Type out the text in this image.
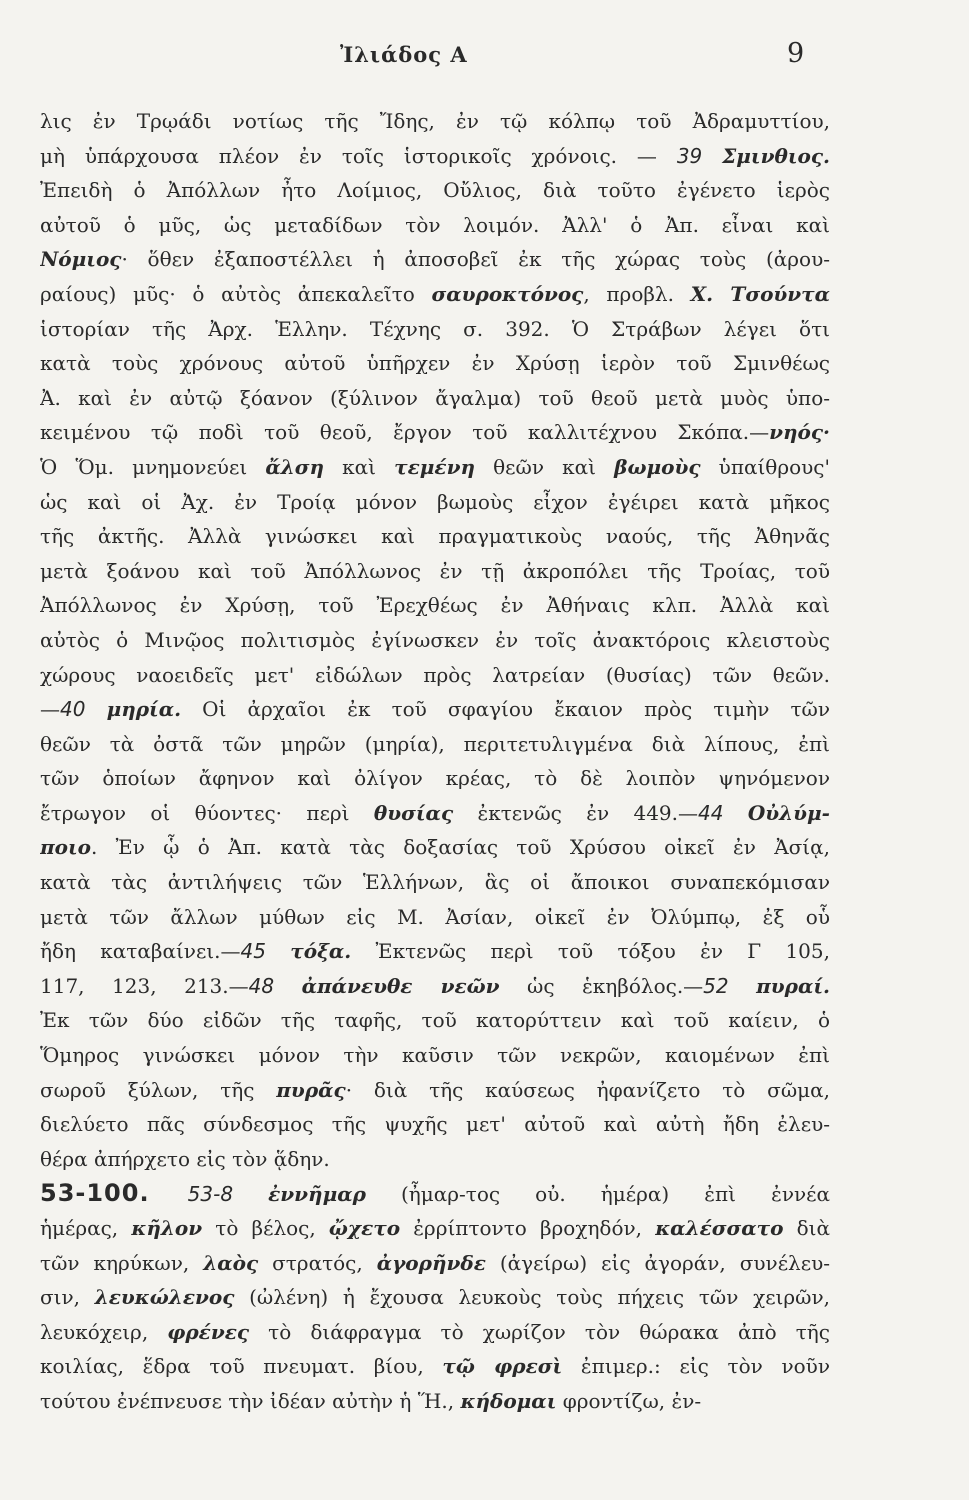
Ἰλιάδος Α	9
λις ἐν Τρῳάδι νοτίως τῆς Ἴδης, ἐν τῷ κόλπῳ τοῦ Ἀδραμυττίου,
μὴ ὑπάρχουσα πλέον ἐν τοῖς ἱστορικοῖς χρόνοις. — 39 Σμινθιος.
Ἐπειδὴ ὁ Ἀπόλλων ἦτο Λοίμιος, Οὔλιος, διὰ τοῦτο ἐγένετο ἱερὸς
αὐτοῦ ὁ μῦς, ὡς μεταδίδων τὸν λοιμόν. Ἀλλ' ὁ Ἀπ. εἶναι καὶ
Νόμιος· ὅθεν ἐξαποστέλλει ἡ ἀποσοβεῖ ἐκ τῆς χώρας τοὺς (ἀρου-
ραίους) μῦς· ὁ αὐτὸς ἀπεκαλεῖτο σαυροκτόνος, προβλ. Χ. Τσούντα
ἱστορίαν τῆς Ἀρχ. Ἑλλην. Τέχνης σ. 392. Ὁ Στράβων λέγει ὅτι
κατὰ τοὺς χρόνους αὐτοῦ ὑπῆρχεν ἐν Χρύσῃ ἱερὸν τοῦ Σμινθέως
Ἀ. καὶ ἐν αὐτῷ ξόανον (ξύλινον ἄγαλμα) τοῦ θεοῦ μετὰ μυὸς ὑπο-
κειμένου τῷ ποδὶ τοῦ θεοῦ, ἔργον τοῦ καλλιτέχνου Σκόπα.—νηός·
Ὁ Ὅμ. μνημονεύει ἄλση καὶ τεμένη θεῶν καὶ βωμοὺς ὑπαίθρους'
ὡς καὶ οἱ Ἀχ. ἐν Τροίᾳ μόνον βωμοὺς εἶχον ἐγέιρει κατὰ μῆκος
τῆς ἀκτῆς. Ἀλλὰ γινώσκει καὶ πραγματικοὺς ναούς, τῆς Ἀθηνᾶς
μετὰ ξοάνου καὶ τοῦ Ἀπόλλωνος ἐν τῇ ἀκροπόλει τῆς Τροίας, τοῦ
Ἀπόλλωνος ἐν Χρύσῃ, τοῦ Ἐρεχθέως ἐν Ἀθήναις κλπ. Ἀλλὰ καὶ
αὐτὸς ὁ Μινῷος πολιτισμὸς ἐγίνωσκεν ἐν τοῖς ἀνακτόροις κλειστοὺς
χώρους ναοειδεῖς μετ' εἰδώλων πρὸς λατρείαν (θυσίας) τῶν θεῶν.
—40 μηρία. Οἱ ἀρχαῖοι ἐκ τοῦ σφαγίου ἔκαιον πρὸς τιμὴν τῶν
θεῶν τὰ ὀστᾶ τῶν μηρῶν (μηρία), περιτετυλιγμένα διὰ λίπους, ἐπὶ
τῶν ὁποίων ἄφηνον καὶ ὀλίγον κρέας, τὸ δὲ λοιπὸν ψηνόμενον
ἔτρωγον οἱ θύοντες· περὶ θυσίας ἐκτενῶς ἐν 449.—44 Οὐλύμ-
ποιο. Ἐν ᾧ ὁ Ἀπ. κατὰ τὰς δοξασίας τοῦ Χρύσου οἰκεῖ ἐν Ἀσίᾳ,
κατὰ τὰς ἀντιλήψεις τῶν Ἑλλήνων, ἃς οἱ ἄποικοι συναπεκόμισαν
μετὰ τῶν ἄλλων μύθων εἰς Μ. Ἀσίαν, οἰκεῖ ἐν Ὀλύμπῳ, ἐξ οὗ
ἤδη καταβαίνει.—45 τόξα. Ἐκτενῶς περὶ τοῦ τόξου ἐν Γ 105,
117, 123, 213.—48 ἀπάνευθε νεῶν ὡς ἑκηβόλος.—52 πυραί.
Ἐκ τῶν δύο εἰδῶν τῆς ταφῆς, τοῦ κατορύττειν καὶ τοῦ καίειν, ὁ
Ὅμηρος γινώσκει μόνον τὴν καῦσιν τῶν νεκρῶν, καιομένων ἐπὶ
σωροῦ ξύλων, τῆς πυρᾶς· διὰ τῆς καύσεως ἠφανίζετο τὸ σῶμα,
διελύετο πᾶς σύνδεσμος τῆς ψυχῆς μετ' αὐτοῦ καὶ αὐτὴ ἤδη ἐλευ-
θέρα ἀπήρχετο εἰς τὸν ᾅδην.
53-100. 53-8 ἐννῆμαρ (ἦμαρ-τος οὐ. ἡμέρα) ἐπὶ ἐννέα
ἡμέρας, κῆλον τὸ βέλος, ᾤχετο ἐρρίπτοντο βροχηδόν, καλέσσατο διὰ
τῶν κηρύκων, λαὸς στρατός, ἀγορῆνδε (ἀγείρω) εἰς ἀγοράν, συνέλευ-
σιν, λευκώλενος (ὠλένη) ἡ ἔχουσα λευκοὺς τοὺς πήχεις τῶν χειρῶν,
λευκόχειρ, φρένες τὸ διάφραγμα τὸ χωρίζον τὸν θώρακα ἀπὸ τῆς
κοιλίας, ἕδρα τοῦ πνευματ. βίου, τῷ φρεσὶ ἐπιμερ.: εἰς τὸν νοῦν
τούτου ἐνέπνευσε τὴν ἰδέαν αὐτὴν ἡ Ἥ., κήδομαι φροντίζω, ἐν-
